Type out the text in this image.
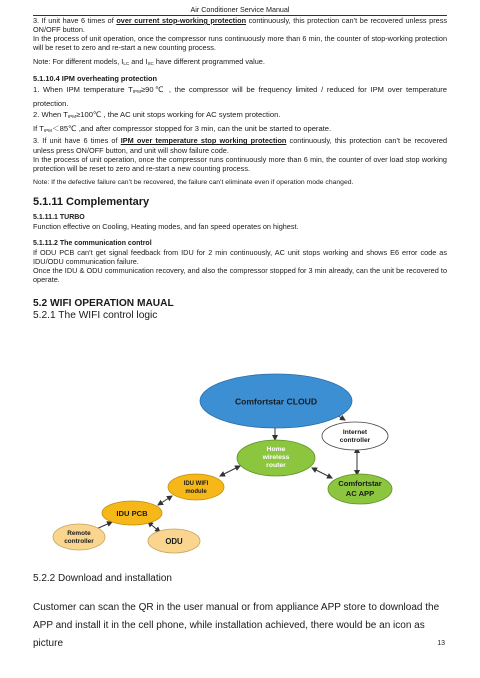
Air Conditioner Service Manual

3. If unit have 6 times of over current stop-working protection continuously, this protection can’t be recovered unless press ON/OFF button.

In the process of unit operation, once the compressor runs continuously more than 6 min, the counter of stop-working protection will be reset to zero and re-start a new counting process.

Note: For different models, $I_{LC}$ and $I_{SC}$ have different programmed value.

5.1.10.4 IPM overheating protection

1. When IPM temperature $T_{IPM}\ge 90℃$ , the compressor will be frequency limited / reduced for IPM over temperature protection.

2. When $T_{IPM}\ge 100℃$ , the AC unit stops working for AC system protection.

If $T_{IPM}<85℃$ ,and after compressor stopped for 3 min, can the unit be started to operate.

3. If unit have 6 times of IPM over temperature stop working protection continuously, this protection can’t be recovered unless press ON/OFF button, and unit will show failure code.

In the process of unit operation, once the compressor runs continuously more than 6 min, the counter of over load stop working protection will be reset to zero and re-start a new counting process.

Note: If the defective failure can’t be recovered, the failure can’t eliminate even if operation mode changed.

5.1.11 Complementary

5.1.11.1 TURBO

Function effective on Cooling, Heating modes, and fan speed operates on highest.

5.1.11.2 The communication control

If ODU PCB can’t get signal feedback from IDU for 2 min continuously, AC unit stops working and shows E6 error code as IDU/ODU communication failure.

Once the IDU & ODU communication recovery, and also the compressor stopped for 3 min already, can the unit be recovered to operate.

5.2 WIFI OPERATION MAUAL

5.2.1 The WIFI control logic

Comfortstar CLOUD
Internet
controller
Home
wireless
router
Comfortstar
AC APP
IDU WIFI
module
IDU PCB
Remote
controller	ODU

5.2.2 Download and installation

Customer can scan the QR in the user manual or from appliance APP store to download the APP and install it in the cell phone, while installation achieved, there would be an icon as picture	13
